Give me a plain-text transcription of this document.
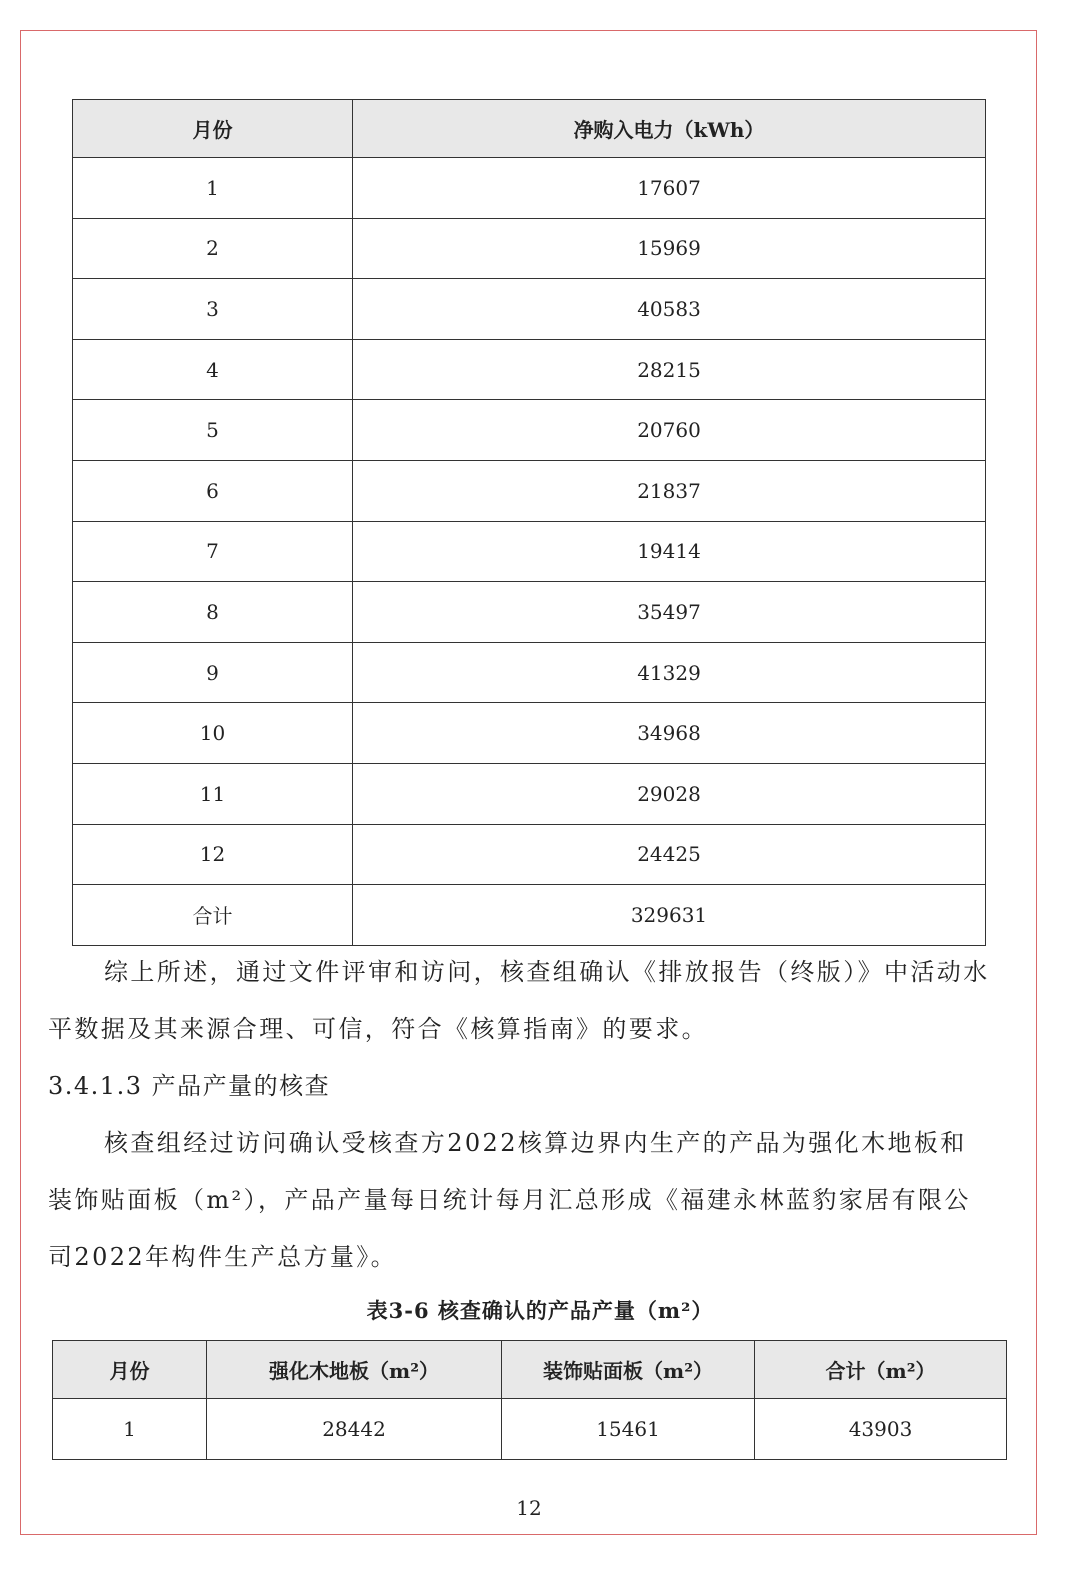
月份	净购入电力（kWh）
1	17607
2	15969
3	40583
4	28215
5	20760
6	21837
7	19414
8	35497
9	41329
10	34968
11	29028
12	24425
合计	329631

综上所述，通过文件评审和访问，核查组确认《排放报告（终版）》中活动水

平数据及其来源合理、可信，符合《核算指南》的要求。

3.4.1.3 产品产量的核查

核查组经过访问确认受核查方2022核算边界内生产的产品为强化木地板和

装饰贴面板（m²），产品产量每日统计每月汇总形成《福建永林蓝豹家居有限公

司2022年构件生产总方量》。

表3-6 核查确认的产品产量（m²）
月份	强化木地板（m²）	装饰贴面板（m²）	合计（m²）
1	28442	15461	43903
12
